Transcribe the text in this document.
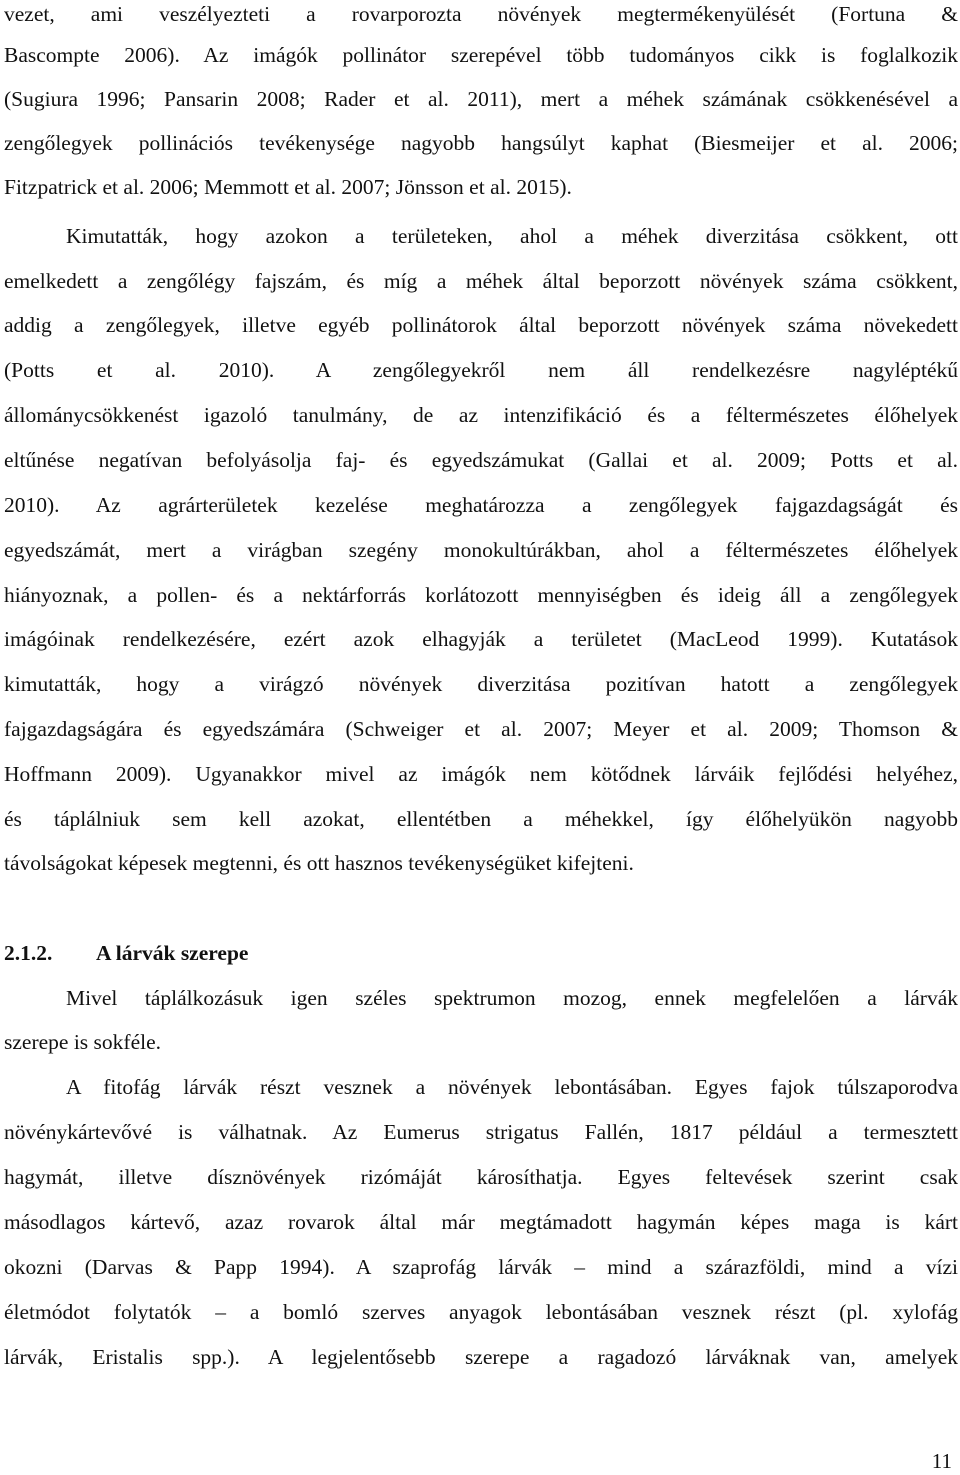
vezet, ami veszélyezteti a rovarporozta növények megtermékenyülését (Fortuna &
Bascompte 2006). Az imágók pollinátor szerepével több tudományos cikk is foglalkozik
(Sugiura 1996; Pansarin 2008; Rader et al. 2011), mert a méhek számának csökkenésével a
zengőlegyek pollinációs tevékenysége nagyobb hangsúlyt kaphat (Biesmeijer et al. 2006;
Fitzpatrick et al. 2006; Memmott et al. 2007; Jönsson et al. 2015).
Kimutatták, hogy azokon a területeken, ahol a méhek diverzitása csökkent, ott
emelkedett a zengőlégy fajszám, és míg a méhek által beporzott növények száma csökkent,
addig a zengőlegyek, illetve egyéb pollinátorok által beporzott növények száma növekedett
(Potts et al. 2010). A zengőlegyekről nem áll rendelkezésre nagyléptékű
állománycsökkenést igazoló tanulmány, de az intenzifikáció és a féltermészetes élőhelyek
eltűnése negatívan befolyásolja faj- és egyedszámukat (Gallai et al. 2009; Potts et al.
2010). Az agrárterületek kezelése meghatározza a zengőlegyek fajgazdagságát és
egyedszámát, mert a virágban szegény monokultúrákban, ahol a féltermészetes élőhelyek
hiányoznak, a pollen- és a nektárforrás korlátozott mennyiségben és ideig áll a zengőlegyek
imágóinak rendelkezésére, ezért azok elhagyják a területet (MacLeod 1999). Kutatások
kimutatták, hogy a virágzó növények diverzitása pozitívan hatott a zengőlegyek
fajgazdagságára és egyedszámára (Schweiger et al. 2007; Meyer et al. 2009; Thomson &
Hoffmann 2009). Ugyanakkor mivel az imágók nem kötődnek lárváik fejlődési helyéhez,
és táplálniuk sem kell azokat, ellentétben a méhekkel, így élőhelyükön nagyobb
távolságokat képesek megtenni, és ott hasznos tevékenységüket kifejteni.
2.1.2. A lárvák szerepe
Mivel táplálkozásuk igen széles spektrumon mozog, ennek megfelelően a lárvák
szerepe is sokféle.
A fitofág lárvák részt vesznek a növények lebontásában. Egyes fajok túlszaporodva
növénykártevővé is válhatnak. Az Eumerus strigatus Fallén, 1817 például a termesztett
hagymát, illetve dísznövények rizómáját károsíthatja. Egyes feltevések szerint csak
másodlagos kártevő, azaz rovarok által már megtámadott hagymán képes maga is kárt
okozni (Darvas & Papp 1994). A szaprofág lárvák – mind a szárazföldi, mind a vízi
életmódot folytatók – a bomló szerves anyagok lebontásában vesznek részt (pl. xylofág
lárvák, Eristalis spp.). A legjelentősebb szerepe a ragadozó lárváknak van, amelyek
11
